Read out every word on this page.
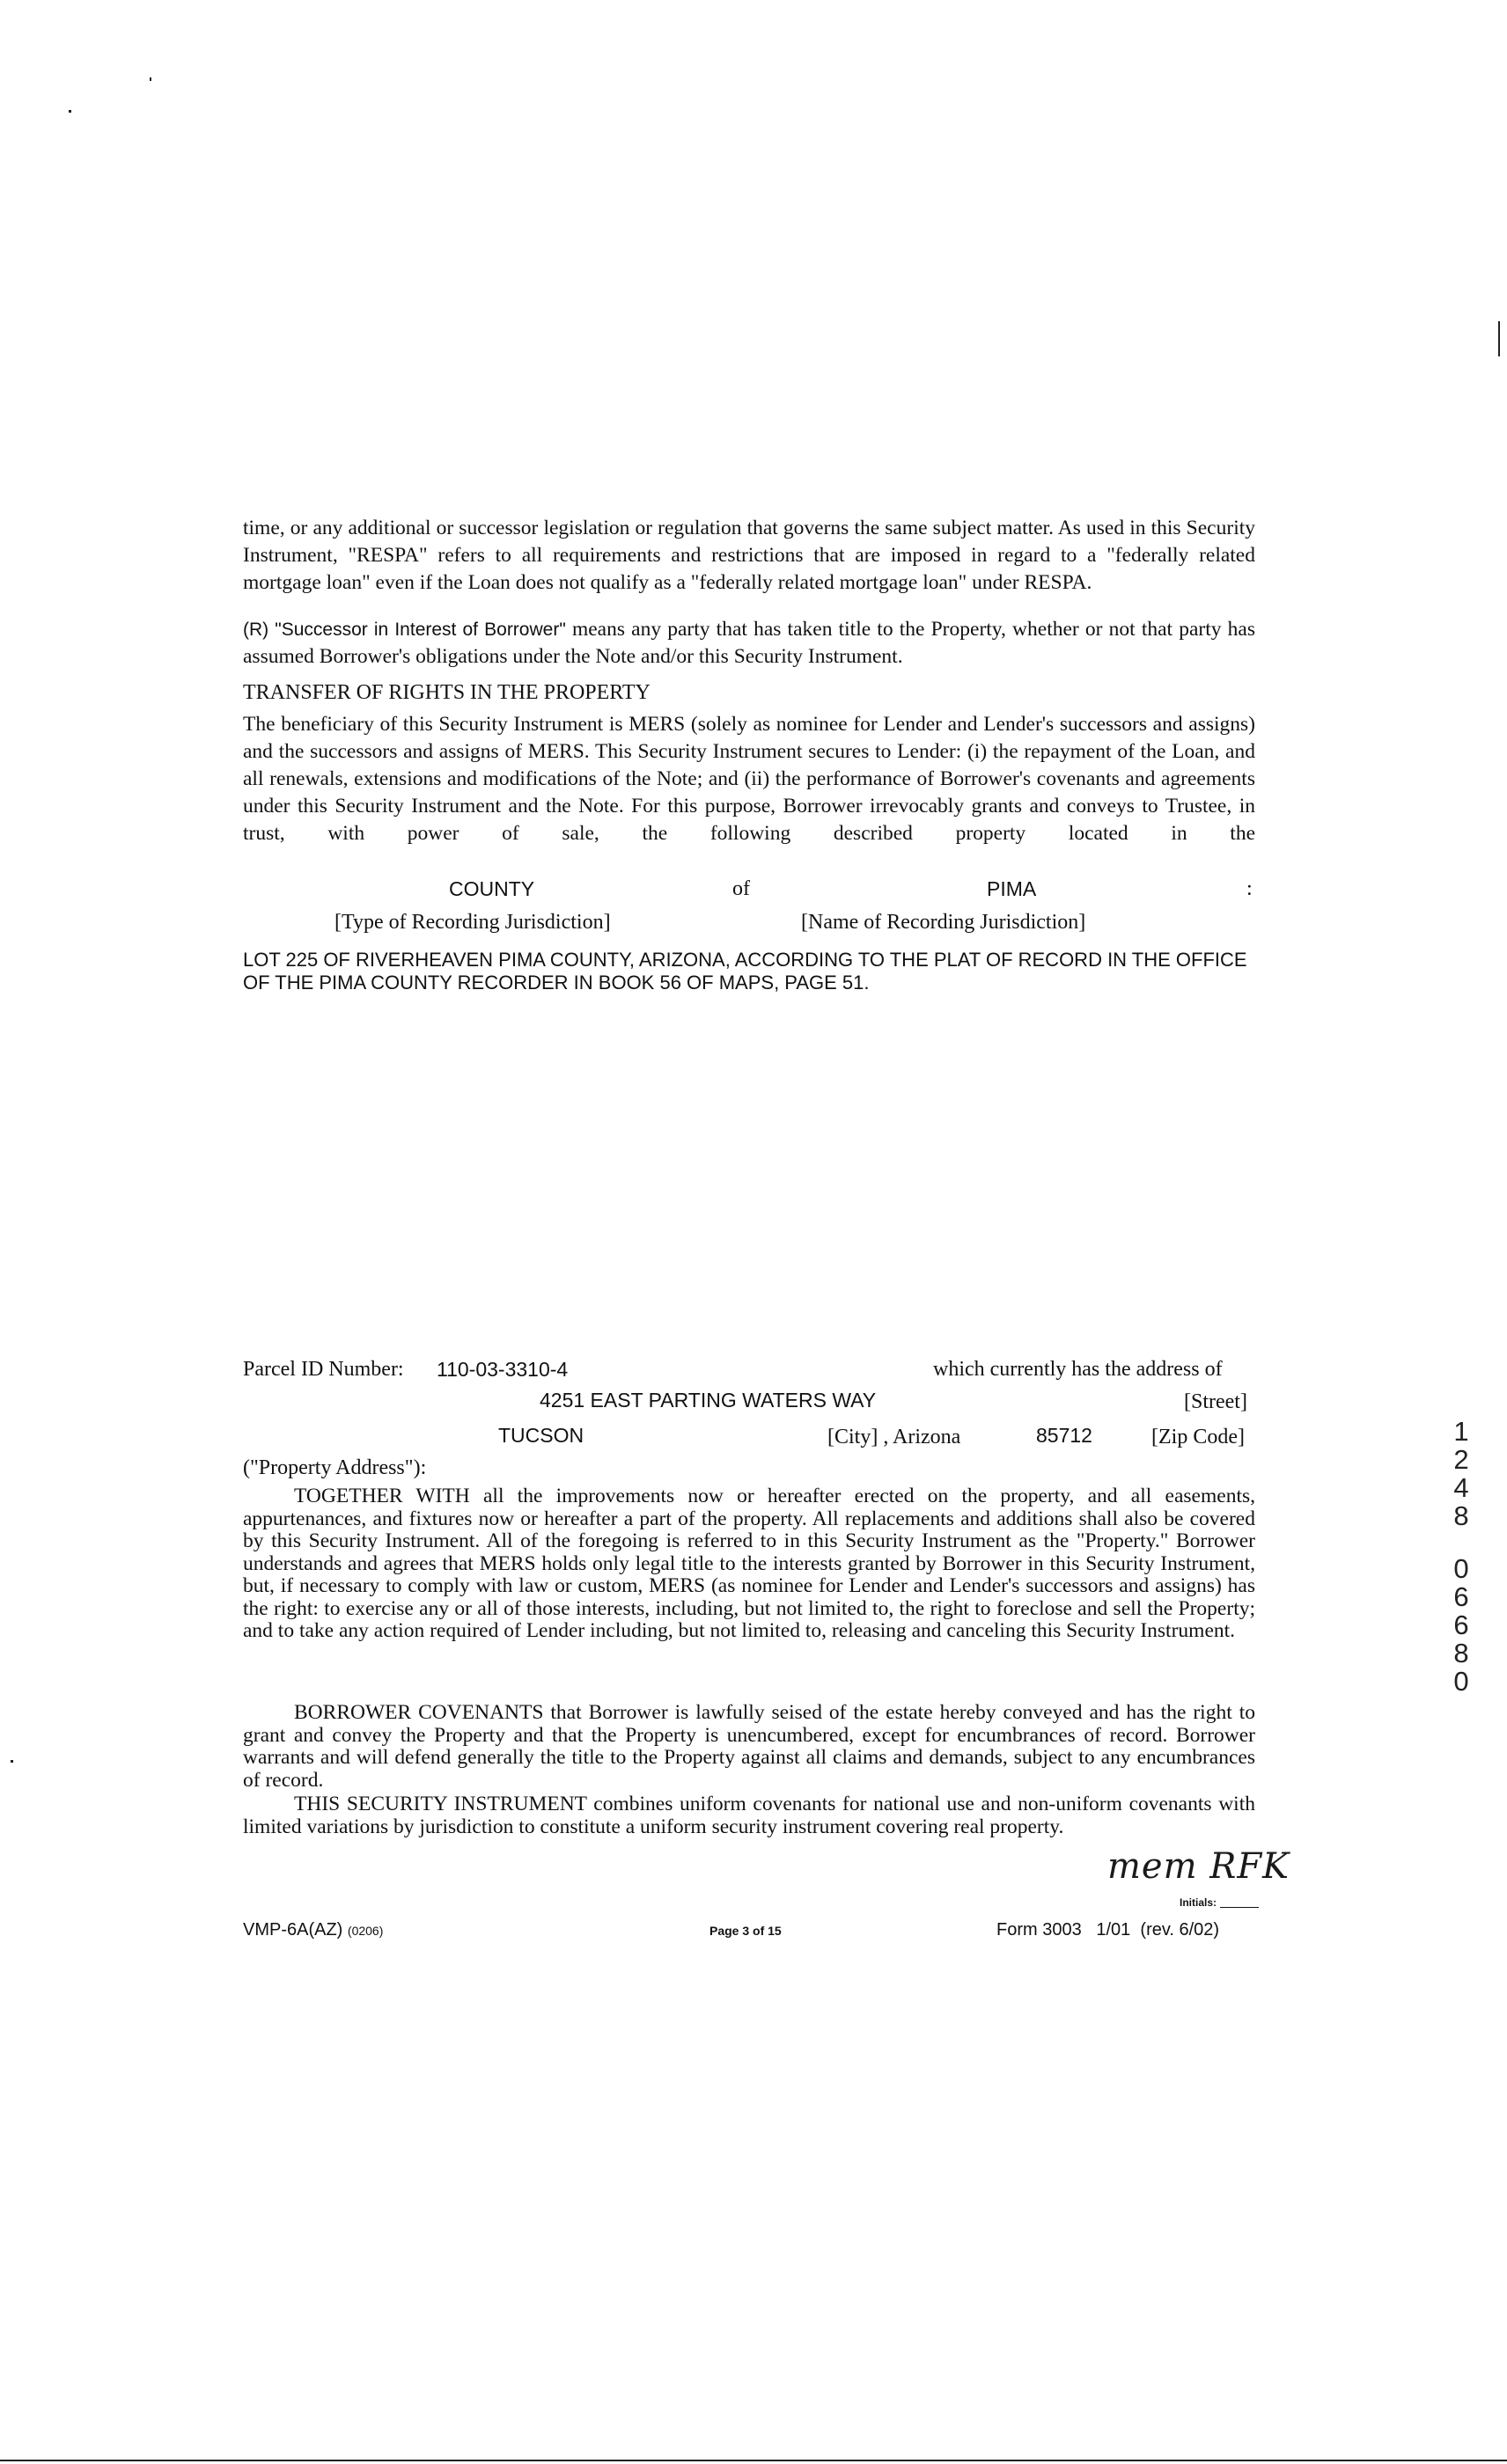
time, or any additional or successor legislation or regulation that governs the same subject matter. As used in this Security Instrument, "RESPA" refers to all requirements and restrictions that are imposed in regard to a "federally related mortgage loan" even if the Loan does not qualify as a "federally related mortgage loan" under RESPA.
(R) "Successor in Interest of Borrower" means any party that has taken title to the Property, whether or not that party has assumed Borrower's obligations under the Note and/or this Security Instrument.
TRANSFER OF RIGHTS IN THE PROPERTY
The beneficiary of this Security Instrument is MERS (solely as nominee for Lender and Lender's successors and assigns) and the successors and assigns of MERS. This Security Instrument secures to Lender: (i) the repayment of the Loan, and all renewals, extensions and modifications of the Note; and (ii) the performance of Borrower's covenants and agreements under this Security Instrument and the Note. For this purpose, Borrower irrevocably grants and conveys to Trustee, in trust, with power of sale, the following described property located in the
COUNTY	of	PIMA	:
[Type of Recording Jurisdiction]	[Name of Recording Jurisdiction]
LOT 225 OF RIVERHEAVEN PIMA COUNTY, ARIZONA, ACCORDING TO THE PLAT OF RECORD IN THE OFFICE OF THE PIMA COUNTY RECORDER IN BOOK 56 OF MAPS, PAGE 51.
Parcel ID Number: 110-03-3310-4	which currently has the address of
4251 EAST PARTING WATERS WAY	[Street]
TUCSON	[City] , Arizona	85712	[Zip Code]
("Property Address"):
TOGETHER WITH all the improvements now or hereafter erected on the property, and all easements, appurtenances, and fixtures now or hereafter a part of the property. All replacements and additions shall also be covered by this Security Instrument. All of the foregoing is referred to in this Security Instrument as the "Property." Borrower understands and agrees that MERS holds only legal title to the interests granted by Borrower in this Security Instrument, but, if necessary to comply with law or custom, MERS (as nominee for Lender and Lender's successors and assigns) has the right: to exercise any or all of those interests, including, but not limited to, the right to foreclose and sell the Property; and to take any action required of Lender including, but not limited to, releasing and canceling this Security Instrument.
BORROWER COVENANTS that Borrower is lawfully seised of the estate hereby conveyed and has the right to grant and convey the Property and that the Property is unencumbered, except for encumbrances of record. Borrower warrants and will defend generally the title to the Property against all claims and demands, subject to any encumbrances of record.
THIS SECURITY INSTRUMENT combines uniform covenants for national use and non-uniform covenants with limited variations by jurisdiction to constitute a uniform security instrument covering real property.
mem RFK
Initials:
VMP-6A(AZ) (0206)	Page 3 of 15	Form 3003   1/01  (rev. 6/02)
1248
06680
